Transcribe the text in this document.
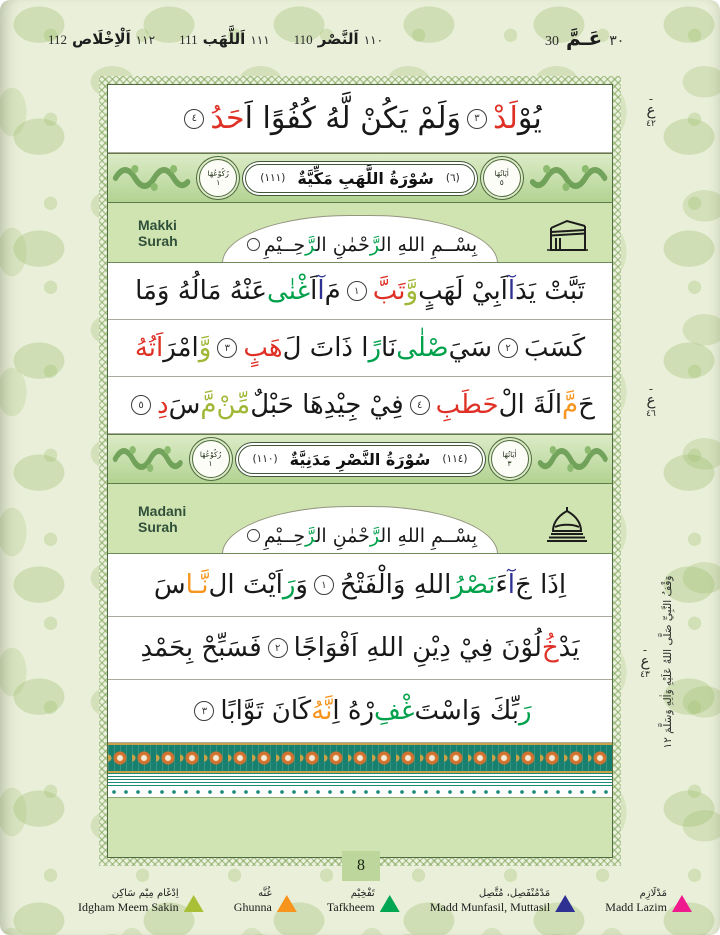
112 اَلْاِخْلَاص ١١٢ 111 اَللَّهَب ١١١ 110 اَلنَّصْر ١١٠	30 عَـمَّ ٣٠
ـ
ع
٤٢
ـ
ع
٤٦
ـ
ع
٤٣
وَقْفُ النَّبِيِّ صَلَّى اللهُ عَلَيْهِ وَاٰلِهِ وَسَلَّمَ ١٢
يُوْ
لَدْ
٣
وَلَمْ يَكُنْ لَّهُ كُفُوًا اَ
حَدُ
٤
رُكُوْعُهَا
١	(١١١) سُوْرَةُ اللَّهَبِ مَكِّيَّةٌ (٦)	اٰيَاتُهَا
٥
Makki
Surah	بِسْــمِ اللهِ الرَّحْمٰنِ الرَّحِــيْمِ
تَبَّتْ يَدَ
آ
اَبِيْ لَهَبٍ
وَّ
تَبَّ
١
مَ
آ
اَ
غْنٰى
عَنْهُ مَالُهُ وَمَا
كَسَبَ
٢
سَيَ
صْلٰى
نَا
رً
ا ذَاتَ لَ
هَبٍ
٣
وَّ
امْرَ
اَتُهُ
حَ
مَّ
الَةَ الْ
حَطَبِ
٤
فِيْ جِيْدِهَا حَبْلٌ
مِّنْ
مَّ
سَ
دِ
٥
رُكُوْعُهَا
١	(١١٠) سُوْرَةُ النَّصْرِ مَدَنِيَّةٌ (١١٤)	اٰيَاتُهَا
٣
Madani
Surah	بِسْــمِ اللهِ الرَّحْمٰنِ الرَّحِــيْمِ
اِذَا جَ
آ
ءَ
نَصْرُ
اللهِ وَالْفَتْحُ
١
وَ
رَ
اَيْتَ ال
نَّـا
سَ
يَدْ
خُ
لُوْنَ فِيْ دِيْنِ اللهِ اَفْوَاجًا
٢
فَسَبِّحْ بِحَمْدِ
رَ
بِّكَ وَاسْتَ
غْفِ
رْهُ اِ
نَّهُ
كَانَ تَوَّابًا
٣
8
اِدْغَام مِيْم سَاكِن
Idgham Meem Sakin
غُنَّه
Ghunna
تَفْخِيْم
Tafkheem
مَدْمُنْفَصِل، مُتَّصِل
Madd Munfasil, Muttasil
مَدْلَازِم
Madd Lazim
